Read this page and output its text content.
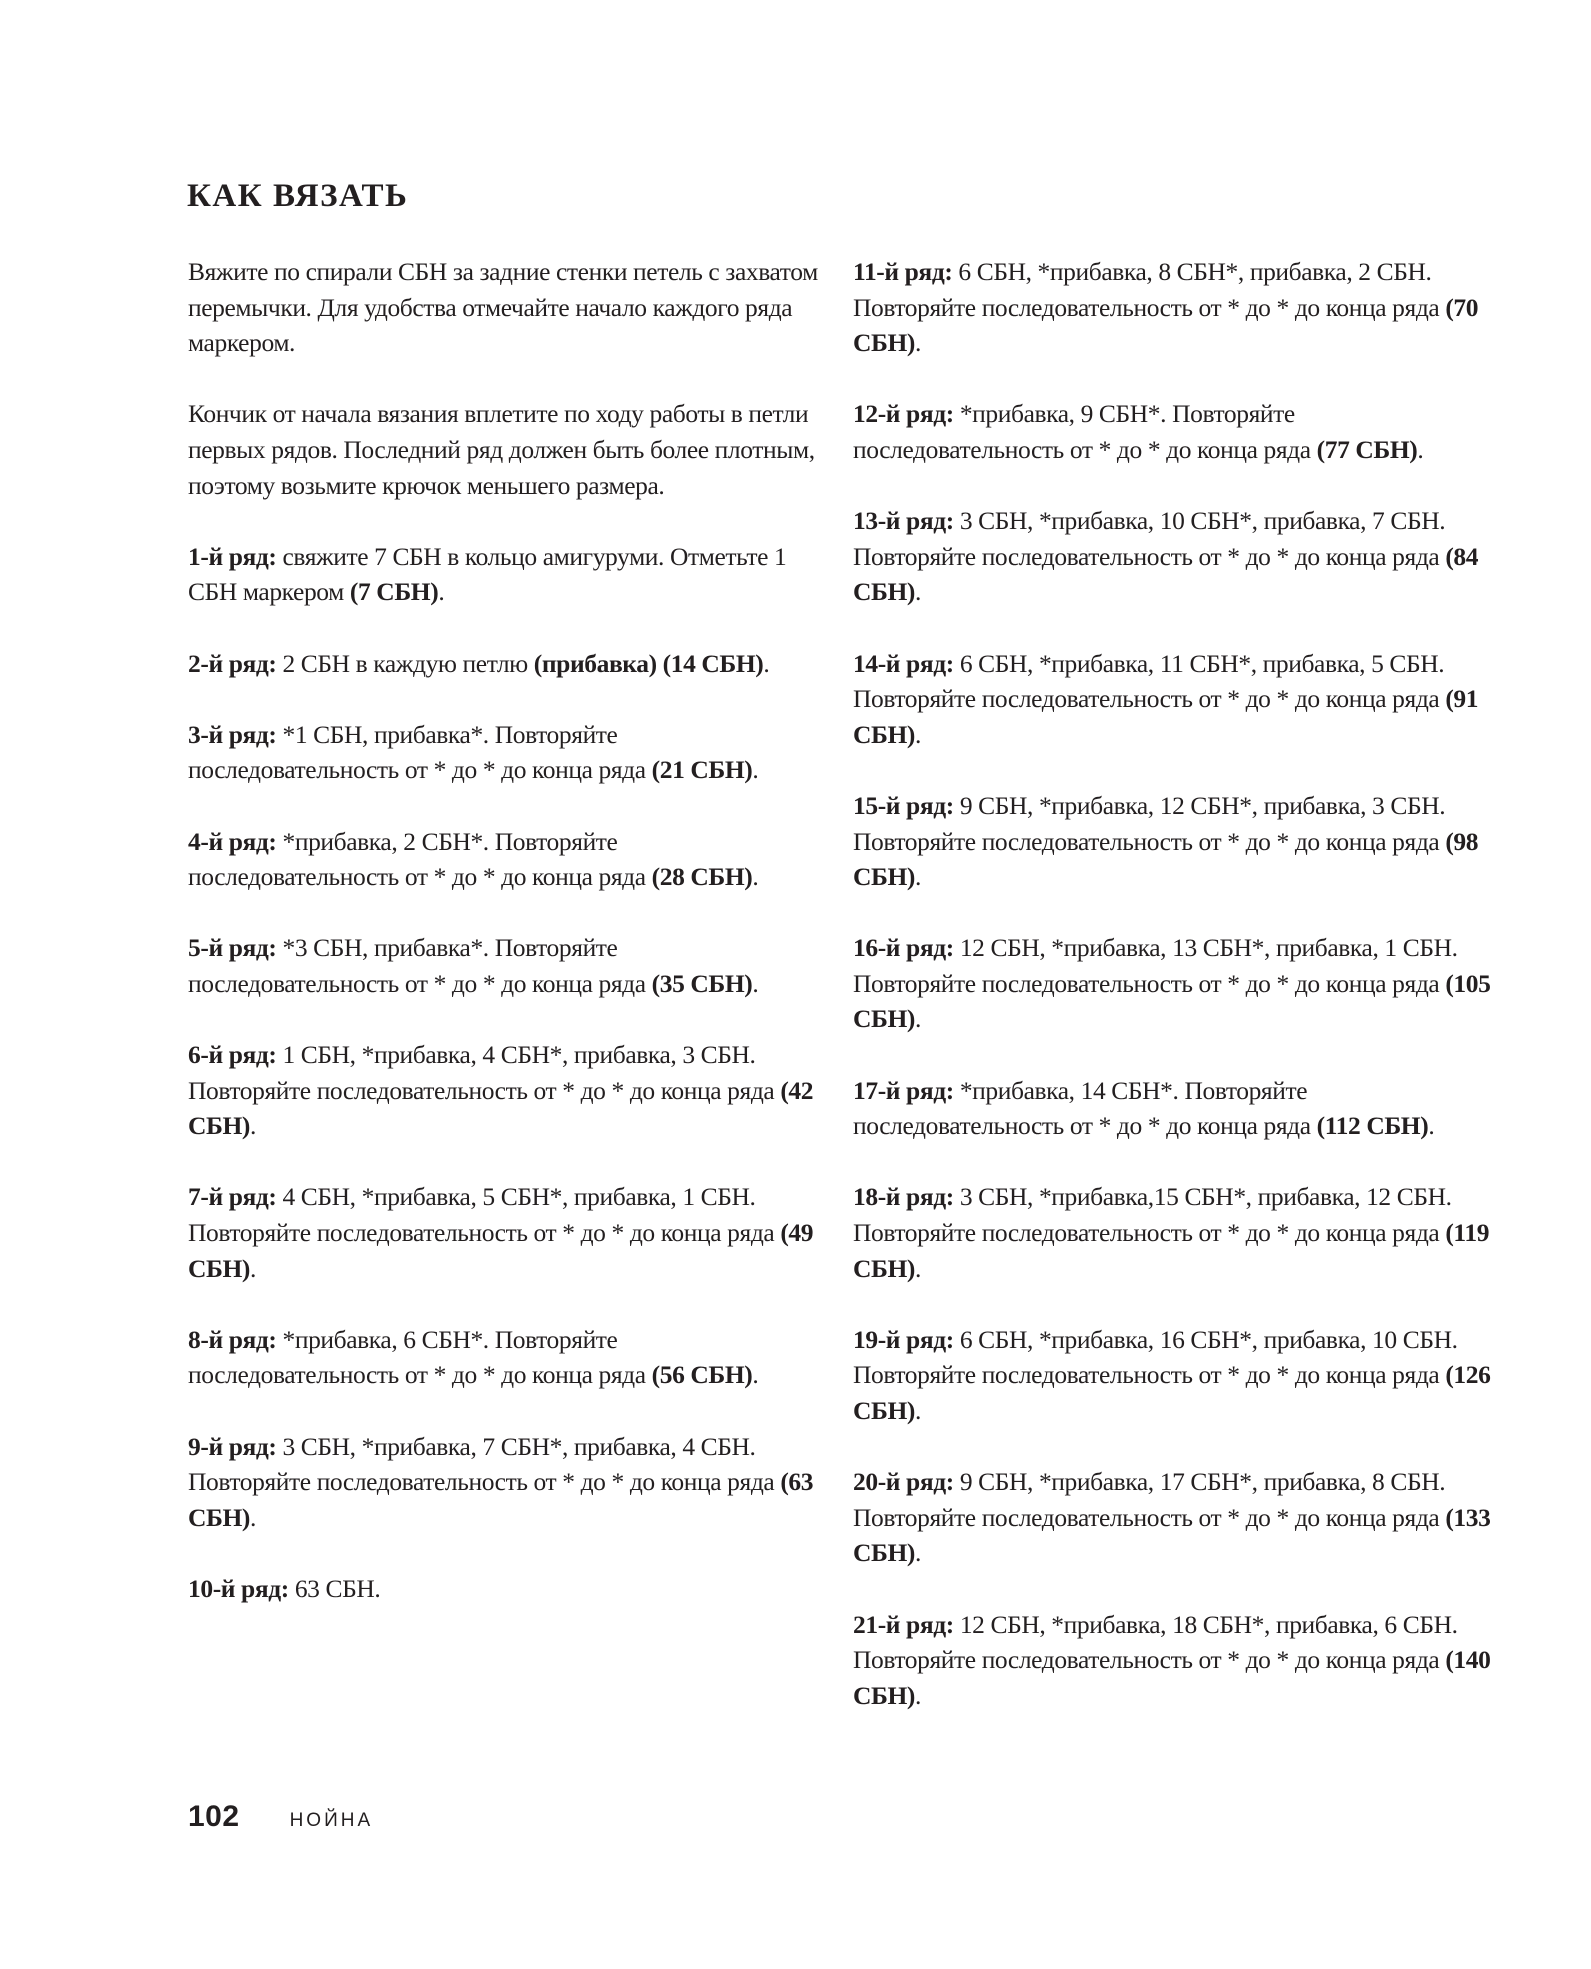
КАК ВЯЗАТЬ

Вяжите по спирали СБН за задние стенки петель с захватом перемычки. Для удобства отмечайте начало каждого ряда маркером.

Кончик от начала вязания вплетите по ходу работы в петли первых рядов. Последний ряд должен быть более плотным, поэтому возьмите крючок меньшего размера.

1-й ряд: свяжите 7 СБН в кольцо амигуруми. Отметьте 1 СБН маркером (7 СБН).

2-й ряд: 2 СБН в каждую петлю (прибавка) (14 СБН).

3-й ряд: *1 СБН, прибавка*. Повторяйте последовательность от * до * до конца ряда (21 СБН).

4-й ряд: *прибавка, 2 СБН*. Повторяйте последовательность от * до * до конца ряда (28 СБН).

5-й ряд: *3 СБН, прибавка*. Повторяйте последовательность от * до * до конца ряда (35 СБН).

6-й ряд: 1 СБН, *прибавка, 4 СБН*, прибавка, 3 СБН. Повторяйте последовательность от * до * до конца ряда (42 СБН).

7-й ряд: 4 СБН, *прибавка, 5 СБН*, прибавка, 1 СБН. Повторяйте последовательность от * до * до конца ряда (49 СБН).

8-й ряд: *прибавка, 6 СБН*. Повторяйте последовательность от * до * до конца ряда (56 СБН).

9-й ряд: 3 СБН, *прибавка, 7 СБН*, прибавка, 4 СБН. Повторяйте последовательность от * до * до конца ряда (63 СБН).

10-й ряд: 63 СБН.

11-й ряд: 6 СБН, *прибавка, 8 СБН*, прибавка, 2 СБН. Повторяйте последовательность от * до * до конца ряда (70 СБН).

12-й ряд: *прибавка, 9 СБН*. Повторяйте последовательность от * до * до конца ряда (77 СБН).

13-й ряд: 3 СБН, *прибавка, 10 СБН*, прибавка, 7 СБН. Повторяйте последовательность от * до * до конца ряда (84 СБН).

14-й ряд: 6 СБН, *прибавка, 11 СБН*, прибавка, 5 СБН. Повторяйте последовательность от * до * до конца ряда (91 СБН).

15-й ряд: 9 СБН, *прибавка, 12 СБН*, прибавка, 3 СБН. Повторяйте последовательность от * до * до конца ряда (98 СБН).

16-й ряд: 12 СБН, *прибавка, 13 СБН*, прибавка, 1 СБН. Повторяйте последовательность от * до * до конца ряда (105 СБН).

17-й ряд: *прибавка, 14 СБН*. Повторяйте последовательность от * до * до конца ряда (112 СБН).

18-й ряд: 3 СБН, *прибавка,15 СБН*, прибавка, 12 СБН. Повторяйте последовательность от * до * до конца ряда (119 СБН).

19-й ряд: 6 СБН, *прибавка, 16 СБН*, прибавка, 10 СБН. Повторяйте последовательность от * до * до конца ряда (126 СБН).

20-й ряд: 9 СБН, *прибавка, 17 СБН*, прибавка, 8 СБН. Повторяйте последовательность от * до * до конца ряда (133 СБН).

21-й ряд: 12 СБН, *прибавка, 18 СБН*, прибавка, 6 СБН. Повторяйте последовательность от * до * до конца ряда (140 СБН).

102	НОЙНА
